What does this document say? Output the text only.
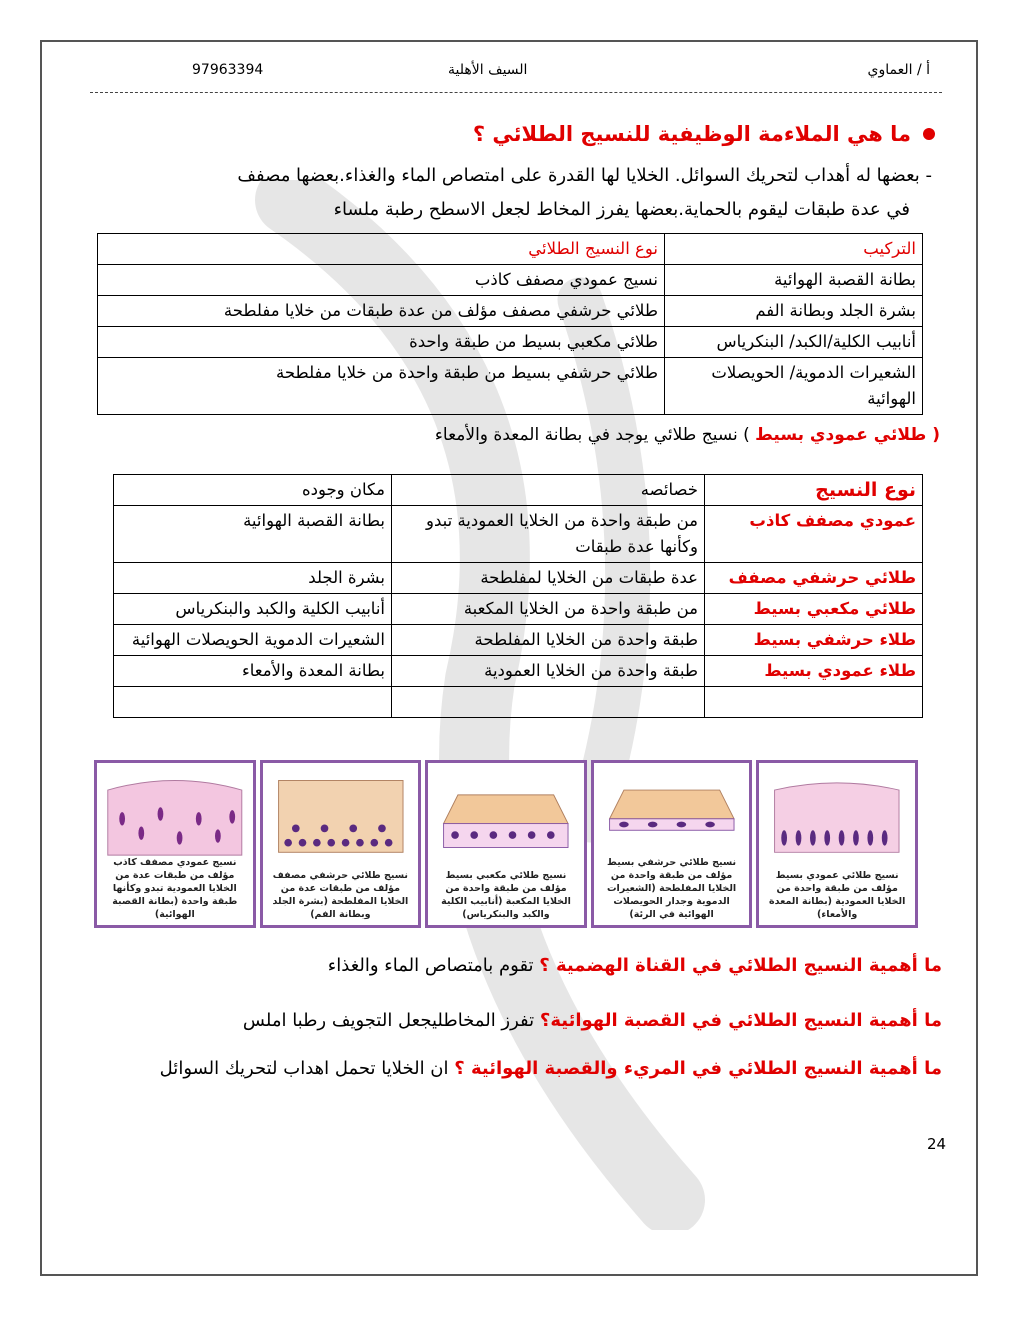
97963394	السيف الأهلية	أ / العماوي
ما هي الملاءمة الوظيفية للنسيج الطلائي ؟
- بعضها له أهداب لتحريك السوائل. الخلايا لها القدرة على امتصاص الماء والغذاء.بعضها مصفف
في عدة طبقات ليقوم بالحماية.بعضها يفرز المخاط لجعل الاسطح رطبة ملساء
التركيب	نوع النسيج الطلائي
بطانة القصبة الهوائية	نسيج عمودي مصفف كاذب
بشرة الجلد وبطانة الفم	طلائي حرشفي مصفف مؤلف من عدة طبقات من خلايا مفلطحة
أنابيب الكلية/الكبد/ البنكرياس	طلائي مكعبي بسيط من طبقة واحدة
الشعيرات الدموية/ الحويصلات الهوائية	طلائي حرشفي بسيط من طبقة واحدة من خلايا مفلطحة
( طلائي عمودي بسيط ) نسيج طلائي يوجد في بطانة المعدة والأمعاء
نوع النسيج	خصائصه	مكان وجوده
عمودي مصفف كاذب	من طبقة واحدة من الخلايا العمودية تبدو وكأنها عدة طبقات	بطانة القصبة الهوائية
طلائي حرشفي مصفف	عدة طبقات من الخلايا لمفلطحة	بشرة الجلد
طلائي مكعبي بسيط	من طبقة واحدة من الخلايا المكعبة	أنابيب الكلية والكبد والبنكرياس
طلاء حرشفي بسيط	طبقة واحدة من الخلايا المفلطحة	الشعيرات الدموية الحويصلات الهوائية
طلاء عمودي بسيط	طبقة واحدة من الخلايا العمودية	بطانة المعدة والأمعاء

نسيج عمودي مصفف كاذب مؤلف من طبقات عدة من الخلايا العمودية تبدو وكأنها طبقة واحدة (بطانة القصبة الهوائية)
نسيج طلائي حرشفي مصفف مؤلف من طبقات عدة من الخلايا المفلطحة (بشرة الجلد وبطانة الفم)
نسيج طلائي مكعبي بسيط مؤلف من طبقة واحدة من الخلايا المكعبة (أنابيب الكلية والكبد والبنكرياس)
نسيج طلائي حرشفي بسيط مؤلف من طبقة واحدة من الخلايا المفلطحة (الشعيرات الدموية وجدار الحويصلات الهوائية في الرئة)
نسيج طلائي عمودي بسيط مؤلف من طبقة واحدة من الخلايا العمودية (بطانة المعدة والأمعاء)
ما أهمية النسيج الطلائي في القناة الهضمية ؟ تقوم بامتصاص الماء والغذاء
ما أهمية النسيج الطلائي في القصبة الهوائية؟ تفرز المخاطليجعل التجويف رطبا املس
ما أهمية النسيج الطلائي في المريء والقصبة الهوائية ؟ ان الخلايا تحمل اهداب لتحريك السوائل
24
